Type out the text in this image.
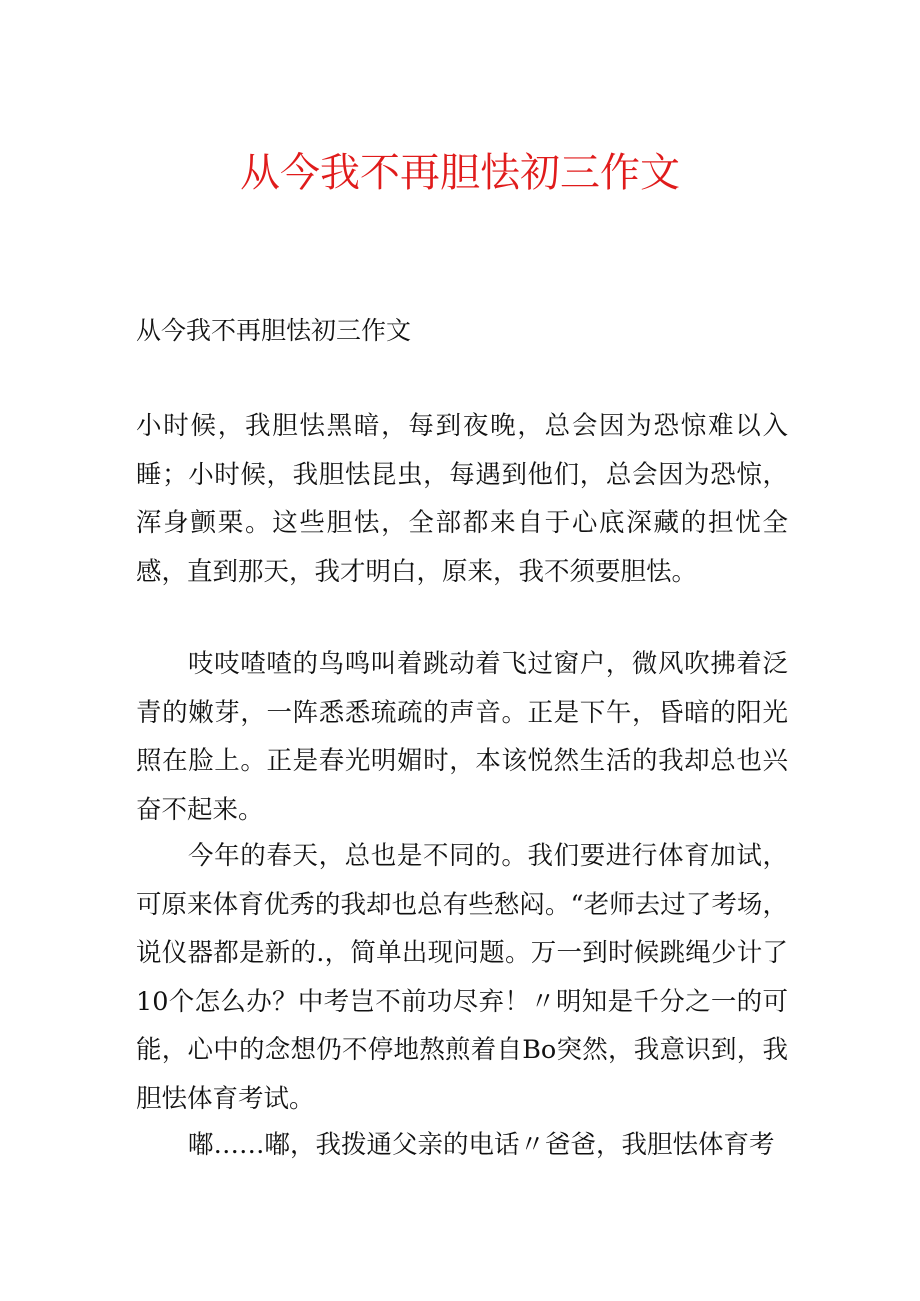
从今我不再胆怯初三作文

从今我不再胆怯初三作文

小时候，我胆怯黑暗，每到夜晚，总会因为恐惊难以入睡；小时候，我胆怯昆虫，每遇到他们，总会因为恐惊，浑身颤栗。这些胆怯，全部都来自于心底深藏的担忧全感，直到那天，我才明白，原来，我不须要胆怯。

吱吱喳喳的鸟鸣叫着跳动着飞过窗户，微风吹拂着泛青的嫩芽，一阵悉悉琉疏的声音。正是下午，昏暗的阳光照在脸上。正是春光明媚时，本该悦然生活的我却总也兴奋不起来。

今年的春天，总也是不同的。我们要进行体育加试，可原来体育优秀的我却也总有些愁闷。“老师去过了考场，说仪器都是新的.，简单出现问题。万一到时候跳绳少计了10个怎么办？中考岂不前功尽弃！〃明知是千分之一的可能，心中的念想仍不停地熬煎着自Bo突然，我意识到，我胆怯体育考试。

嘟……嘟，我拨通父亲的电话〃爸爸，我胆怯体育考
